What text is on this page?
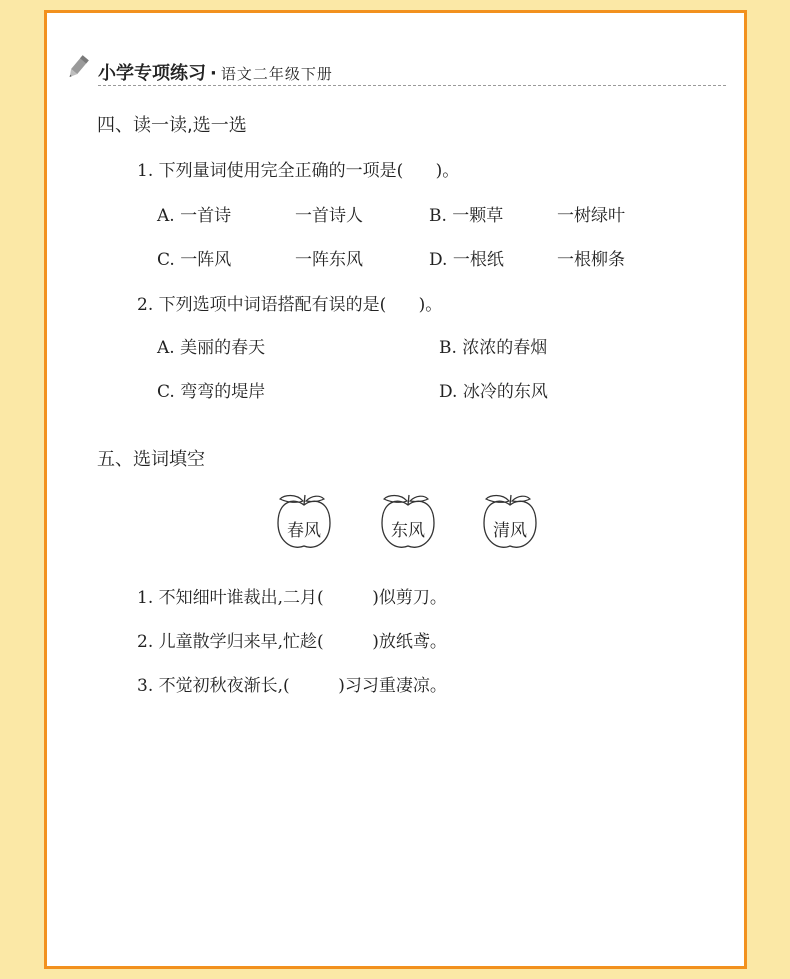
小学专项练习 · 语文二年级下册
四、读一读,选一选
1. 下列量词使用完全正确的一项是(      )。
A. 一首诗	一首诗人	B. 一颗草	一树绿叶
C. 一阵风	一阵东风	D. 一根纸	一根柳条
2. 下列选项中词语搭配有误的是(      )。
A. 美丽的春天	B. 浓浓的春烟
C. 弯弯的堤岸	D. 冰冷的东风
五、选词填空
春风	东风	清风
1. 不知细叶谁裁出,二月(         )似剪刀。
2. 儿童散学归来早,忙趁(         )放纸鸢。
3. 不觉初秋夜渐长,(         )习习重凄凉。
